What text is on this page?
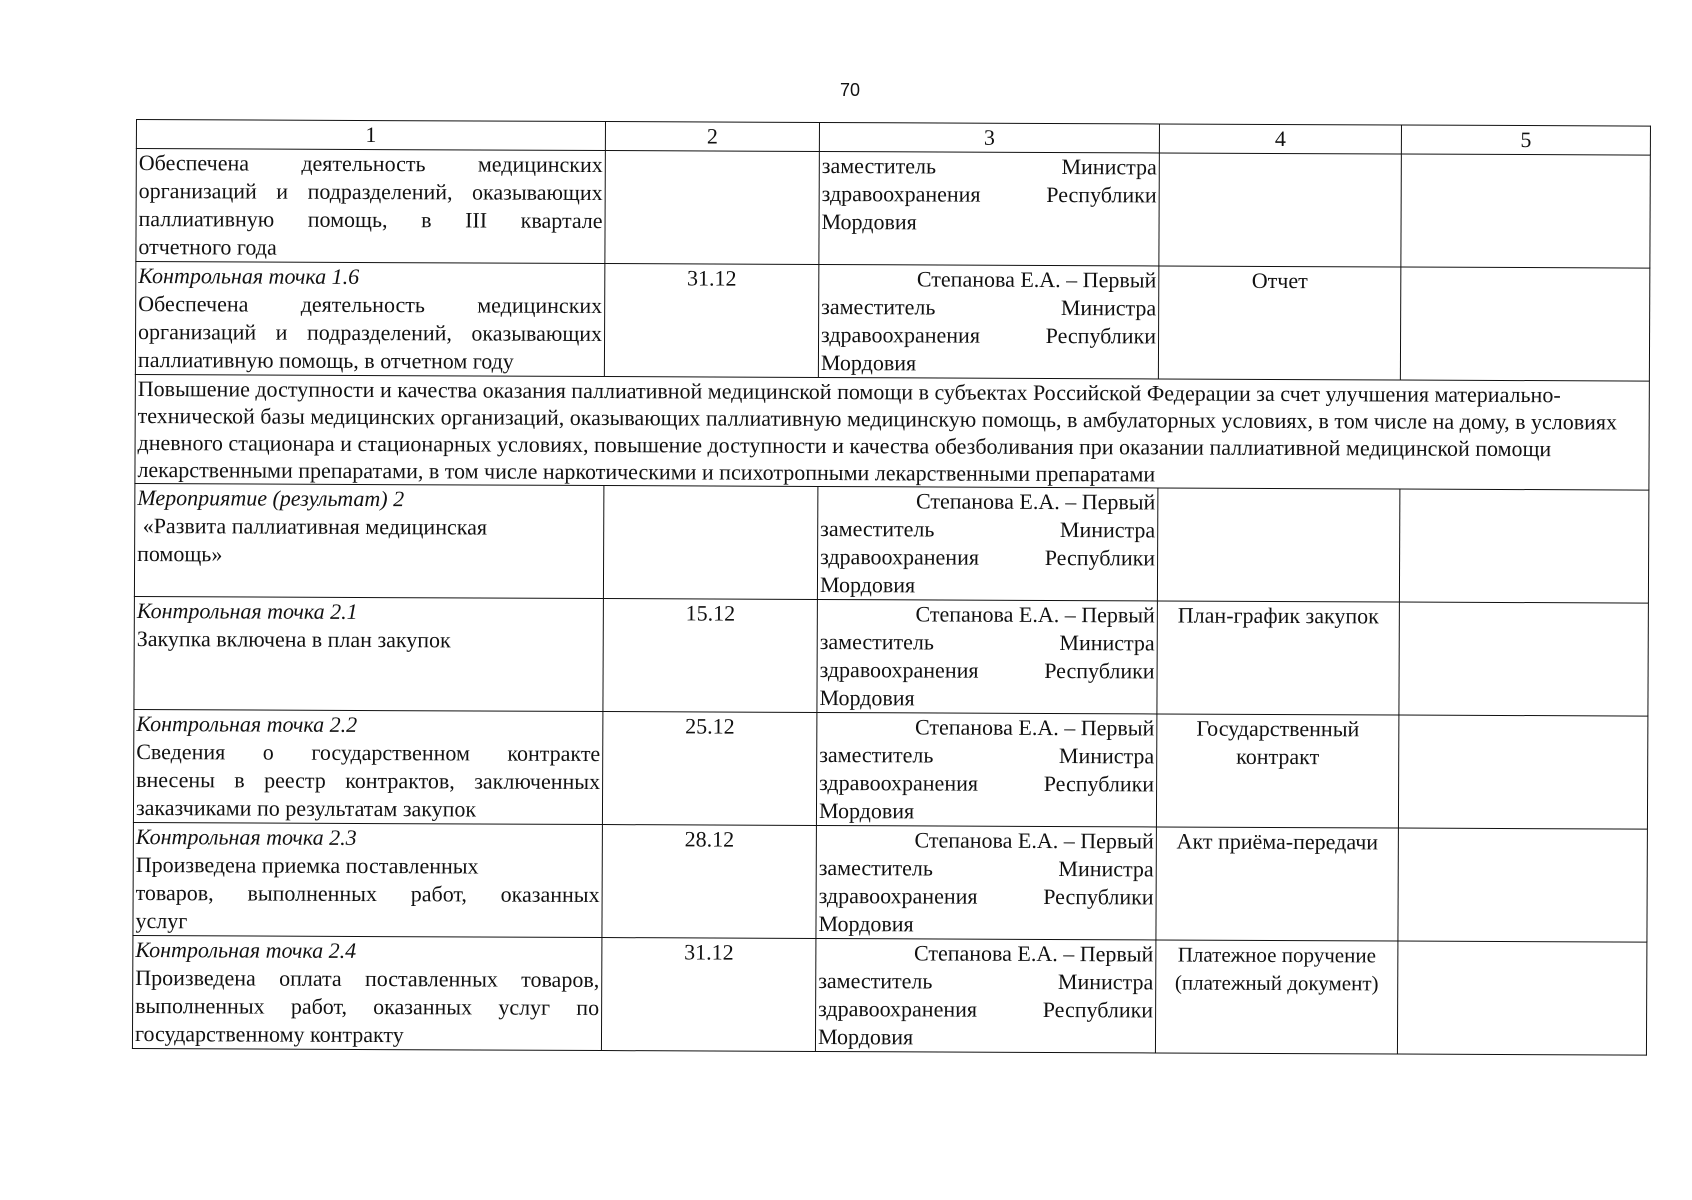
70
1	2	3	4	5

Обеспечена деятельность медицинских
организаций и подразделений, оказывающих
паллиативную помощь, в III квартале
отчетного года		заместитель Министра
здравоохранения Республики
Мордовия		

Контрольная точка 1.6
Обеспечена деятельность медицинских
организаций и подразделений, оказывающих
паллиативную помощь, в отчетном году	31.12	Степанова Е.А. – Первый
заместитель Министра
здравоохранения Республики
Мордовия	Отчет	
Повышение доступности и качества оказания паллиативной медицинской помощи в субъектах Российской Федерации за счет улучшения материально-технической базы медицинских организаций, оказывающих паллиативную медицинскую помощь, в амбулаторных условиях, в том числе на дому, в условиях дневного стационара и стационарных условиях, повышение доступности и качества обезболивания при оказании паллиативной медицинской помощи лекарственными препаратами, в том числе наркотическими и психотропными лекарственными препаратами				

Мероприятие (результат) 2
«Развита паллиативная медицинская
помощь»		Степанова Е.А. – Первый
заместитель Министра
здравоохранения Республики
Мордовия		

Контрольная точка 2.1
Закупка включена в план закупок	15.12	Степанова Е.А. – Первый
заместитель Министра
здравоохранения Республики
Мордовия	План-график закупок	

Контрольная точка 2.2
Сведения о государственном контракте
внесены в реестр контрактов, заключенных
заказчиками по результатам закупок	25.12	Степанова Е.А. – Первый
заместитель Министра
здравоохранения Республики
Мордовия	Государственный контракт	

Контрольная точка 2.3
Произведена приемка поставленных
товаров, выполненных работ, оказанных
услуг	28.12	Степанова Е.А. – Первый
заместитель Министра
здравоохранения Республики
Мордовия	Акт приёма-передачи	

Контрольная точка 2.4
Произведена оплата поставленных товаров,
выполненных работ, оказанных услуг по
государственному контракту	31.12	Степанова Е.А. – Первый
заместитель Министра
здравоохранения Республики
Мордовия	Платежное поручение (платежный документ)	
